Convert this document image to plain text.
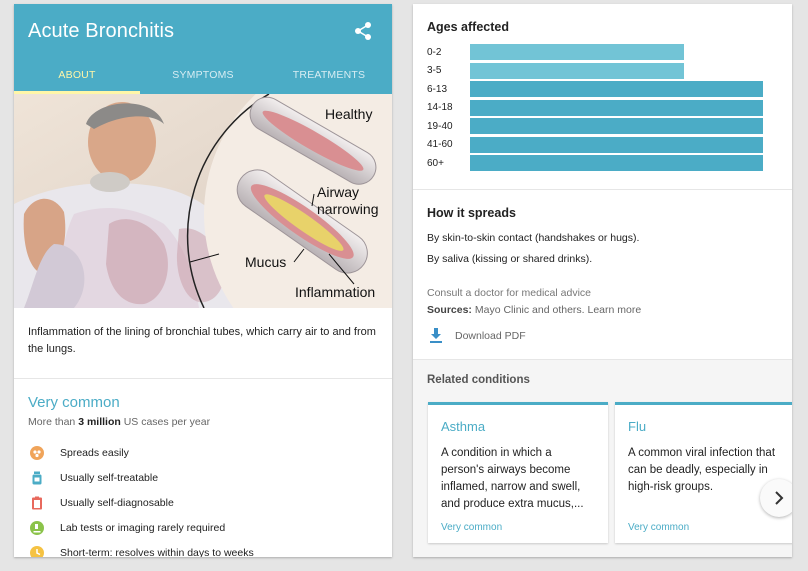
Acute Bronchitis
ABOUT	SYMPTOMS	TREATMENTS
Healthy
Airway
narrowing
Mucus
Inflammation
Inflammation of the lining of bronchial tubes, which carry air to and from the lungs.
Very common
More than 3 million US cases per year
Spreads easily
Usually self-treatable
Usually self-diagnosable
Lab tests or imaging rarely required
Short-term: resolves within days to weeks
Ages affected
0-2
3-5
6-13
14-18
19-40
41-60
60+
How it spreads
By skin-to-skin contact (handshakes or hugs).
By saliva (kissing or shared drinks).
Consult a doctor for medical advice
Sources: Mayo Clinic and others. Learn more
Download PDF
Related conditions
Asthma
A condition in which a person's airways become inflamed, narrow and swell, and produce extra mucus,...
Very common
Flu
A common viral infection that can be deadly, especially in high-risk groups.
Very common
